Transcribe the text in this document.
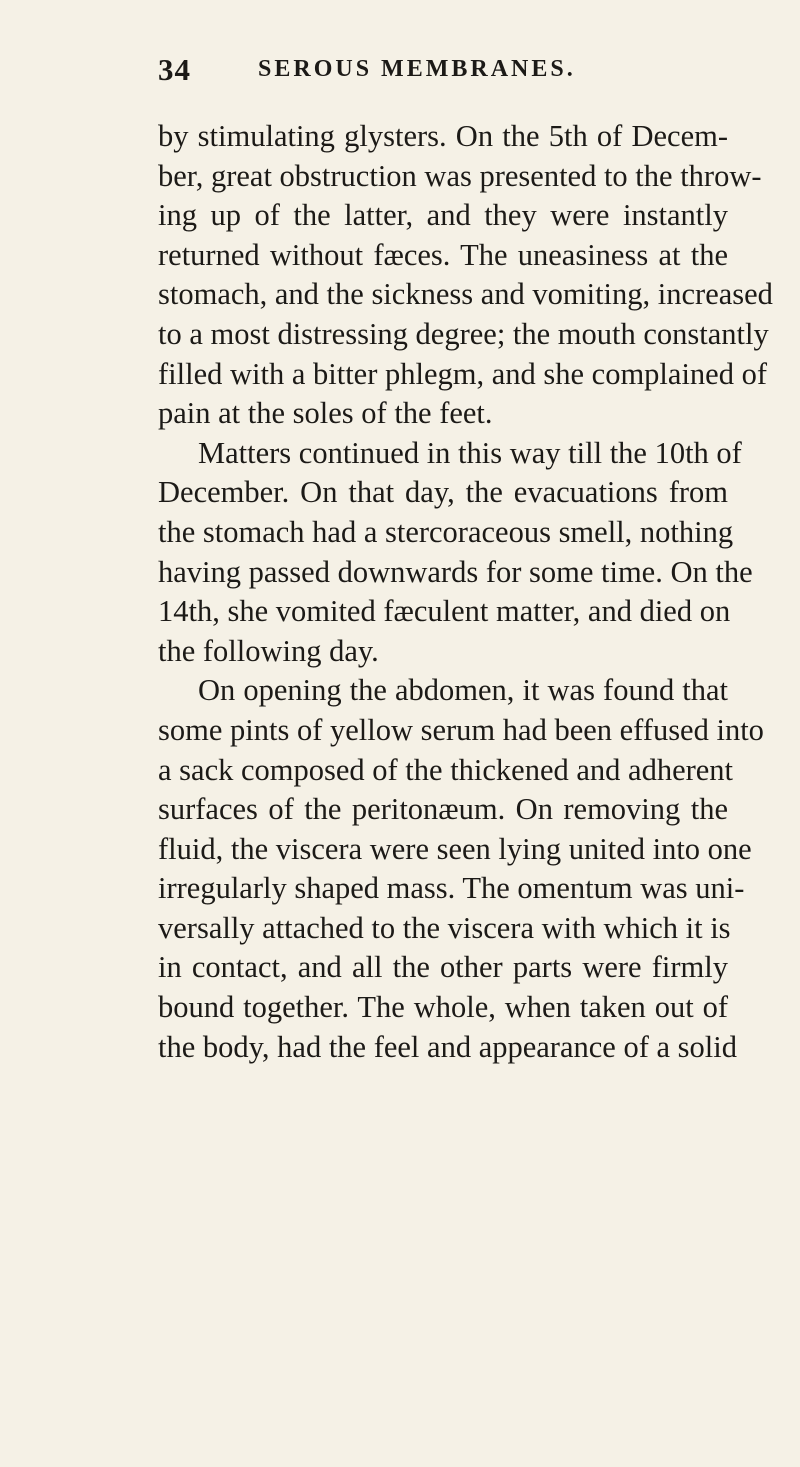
34	SEROUS MEMBRANES.
by stimulating glysters. On the 5th of Decem-
ber, great obstruction was presented to the throw-
ing up of the latter, and they were instantly
returned without fæces. The uneasiness at the
stomach, and the sickness and vomiting, increased
to a most distressing degree; the mouth constantly
filled with a bitter phlegm, and she complained of
pain at the soles of the feet.
Matters continued in this way till the 10th of
December. On that day, the evacuations from
the stomach had a stercoraceous smell, nothing
having passed downwards for some time. On the
14th, she vomited fæculent matter, and died on
the following day.
On opening the abdomen, it was found that
some pints of yellow serum had been effused into
a sack composed of the thickened and adherent
surfaces of the peritonæum. On removing the
fluid, the viscera were seen lying united into one
irregularly shaped mass. The omentum was uni-
versally attached to the viscera with which it is
in contact, and all the other parts were firmly
bound together. The whole, when taken out of
the body, had the feel and appearance of a solid
